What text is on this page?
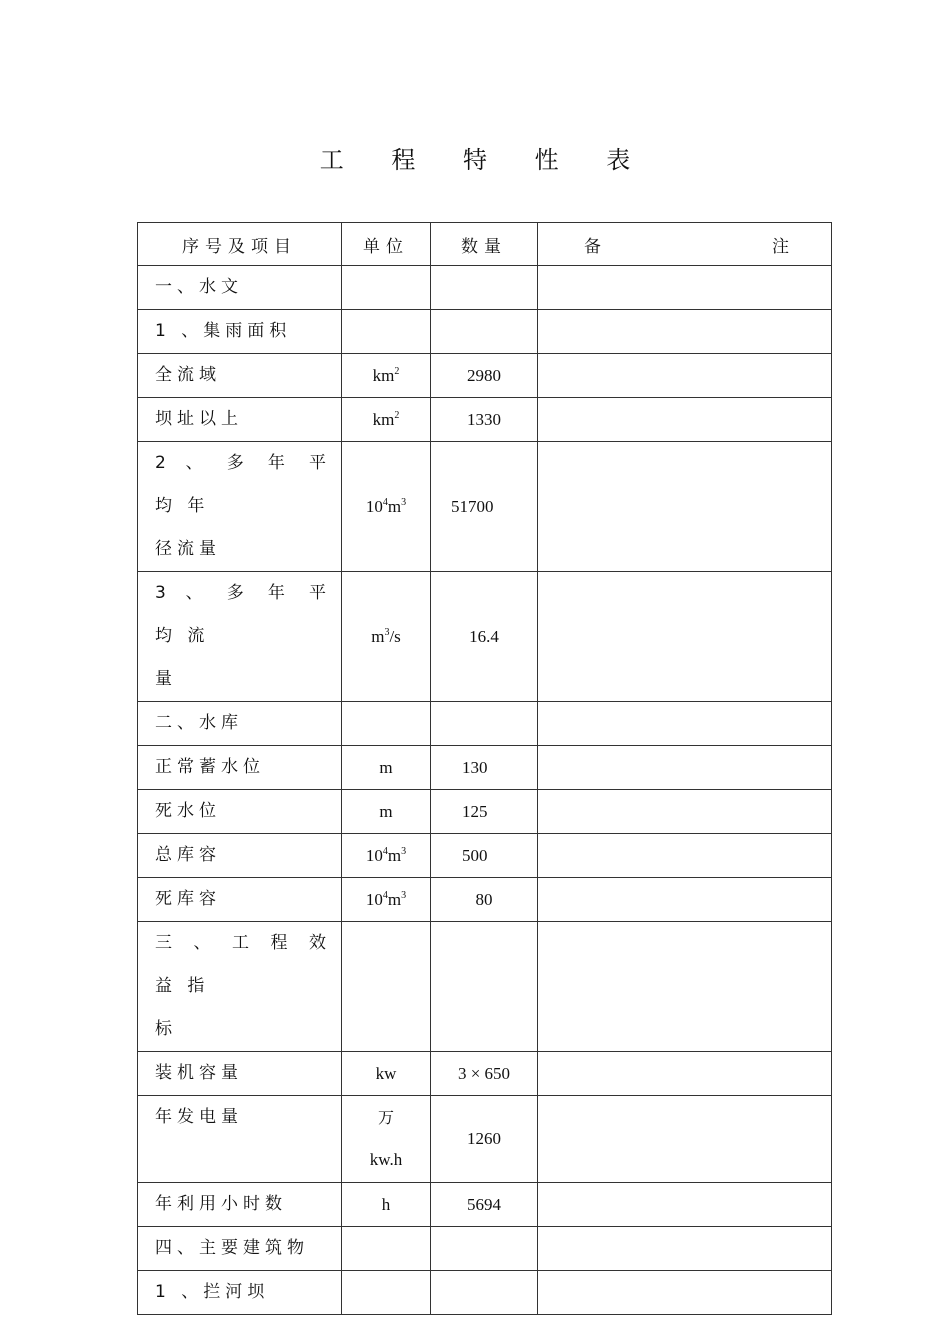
工 程 特 性 表
序号及项目	单位	数量	备 注

一、水文			

1 、集雨面积			

全流域	$km^2$	2980	

坝址以上	$km^2$	1330	

2 、 多 年 平 均 年
径流量	$10^4m^3$	51700	

3 、 多 年 平 均 流
量	$m^3/s$	16.4	

二、水库			

正常蓄水位	m	130	

死水位	m	125	

总库容	$10^4m^3$	500	

死库容	$10^4m^3$	80	

三 、 工 程 效 益 指
标			

装机容量	kw	3 × 650	

年发电量	万
kw.h	1260	

年利用小时数	h	5694	

四、主要建筑物			

1 、拦河坝			
